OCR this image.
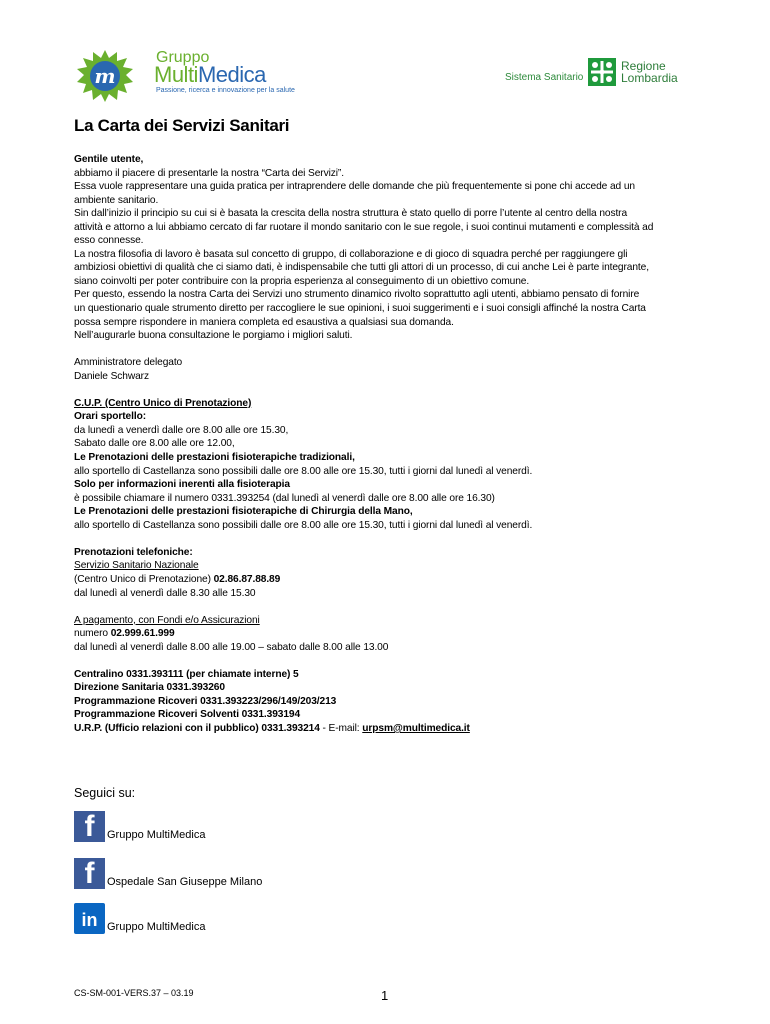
m
Gruppo
MultiMedica
Passione, ricerca e innovazione per la salute
Sistema Sanitario
Regione
Lombardia
La Carta dei Servizi Sanitari

Gentile utente,

abbiamo il piacere di presentarle la nostra “Carta dei Servizi”.

Essa vuole rappresentare una guida pratica per intraprendere delle domande che più frequentemente si pone chi accede ad un

ambiente sanitario.

Sin dall’inizio il principio su cui si è basata la crescita della nostra struttura è stato quello di porre l’utente al centro della nostra

attività e attorno a lui abbiamo cercato di far ruotare il mondo sanitario con le sue regole, i suoi continui mutamenti e complessità ad

esso connesse.

La nostra filosofia di lavoro è basata sul concetto di gruppo, di collaborazione e di gioco di squadra perché per raggiungere gli

ambiziosi obiettivi di qualità che ci siamo dati, è indispensabile che tutti gli attori di un processo, di cui anche Lei è parte integrante,

siano coinvolti per poter contribuire con la propria esperienza al conseguimento di un obiettivo comune.

Per questo, essendo la nostra Carta dei Servizi uno strumento dinamico rivolto soprattutto agli utenti, abbiamo pensato di fornire

un questionario quale strumento diretto per raccogliere le sue opinioni, i suoi suggerimenti e i suoi consigli affinché la nostra Carta

possa sempre rispondere in maniera completa ed esaustiva a qualsiasi sua domanda.

Nell’augurarle buona consultazione le porgiamo i migliori saluti.

Amministratore delegato

Daniele Schwarz

C.U.P. (Centro Unico di Prenotazione)

Orari sportello:

da lunedì a venerdì dalle ore 8.00 alle ore 15.30,

Sabato dalle ore 8.00 alle ore 12.00,

Le Prenotazioni delle prestazioni fisioterapiche tradizionali,

allo sportello di Castellanza sono possibili dalle ore 8.00 alle ore 15.30, tutti i giorni dal lunedì al venerdì.

Solo per informazioni inerenti alla fisioterapia

è possibile chiamare il numero 0331.393254 (dal lunedì al venerdì dalle ore 8.00 alle ore 16.30)

Le Prenotazioni delle prestazioni fisioterapiche di Chirurgia della Mano,

allo sportello di Castellanza sono possibili dalle ore 8.00 alle ore 15.30, tutti i giorni dal lunedì al venerdì.

Prenotazioni telefoniche:

Servizio Sanitario Nazionale

(Centro Unico di Prenotazione) 02.86.87.88.89

dal lunedì al venerdì dalle 8.30 alle 15.30

A pagamento, con Fondi e/o Assicurazioni

numero 02.999.61.999

dal lunedì al venerdì dalle 8.00 alle 19.00 – sabato dalle 8.00 alle 13.00

Centralino 0331.393111 (per chiamate interne) 5

Direzione Sanitaria 0331.393260

Programmazione Ricoveri 0331.393223/296/149/203/213

Programmazione Ricoveri Solventi 0331.393194

U.R.P. (Ufficio relazioni con il pubblico) 0331.393214 - E-mail: urpsm@multimedica.it

Seguici su:
f	Gruppo MultiMedica
f	Ospedale San Giuseppe Milano
in Gruppo MultiMedica
CS-SM-001-VERS.37 – 03.19	1
